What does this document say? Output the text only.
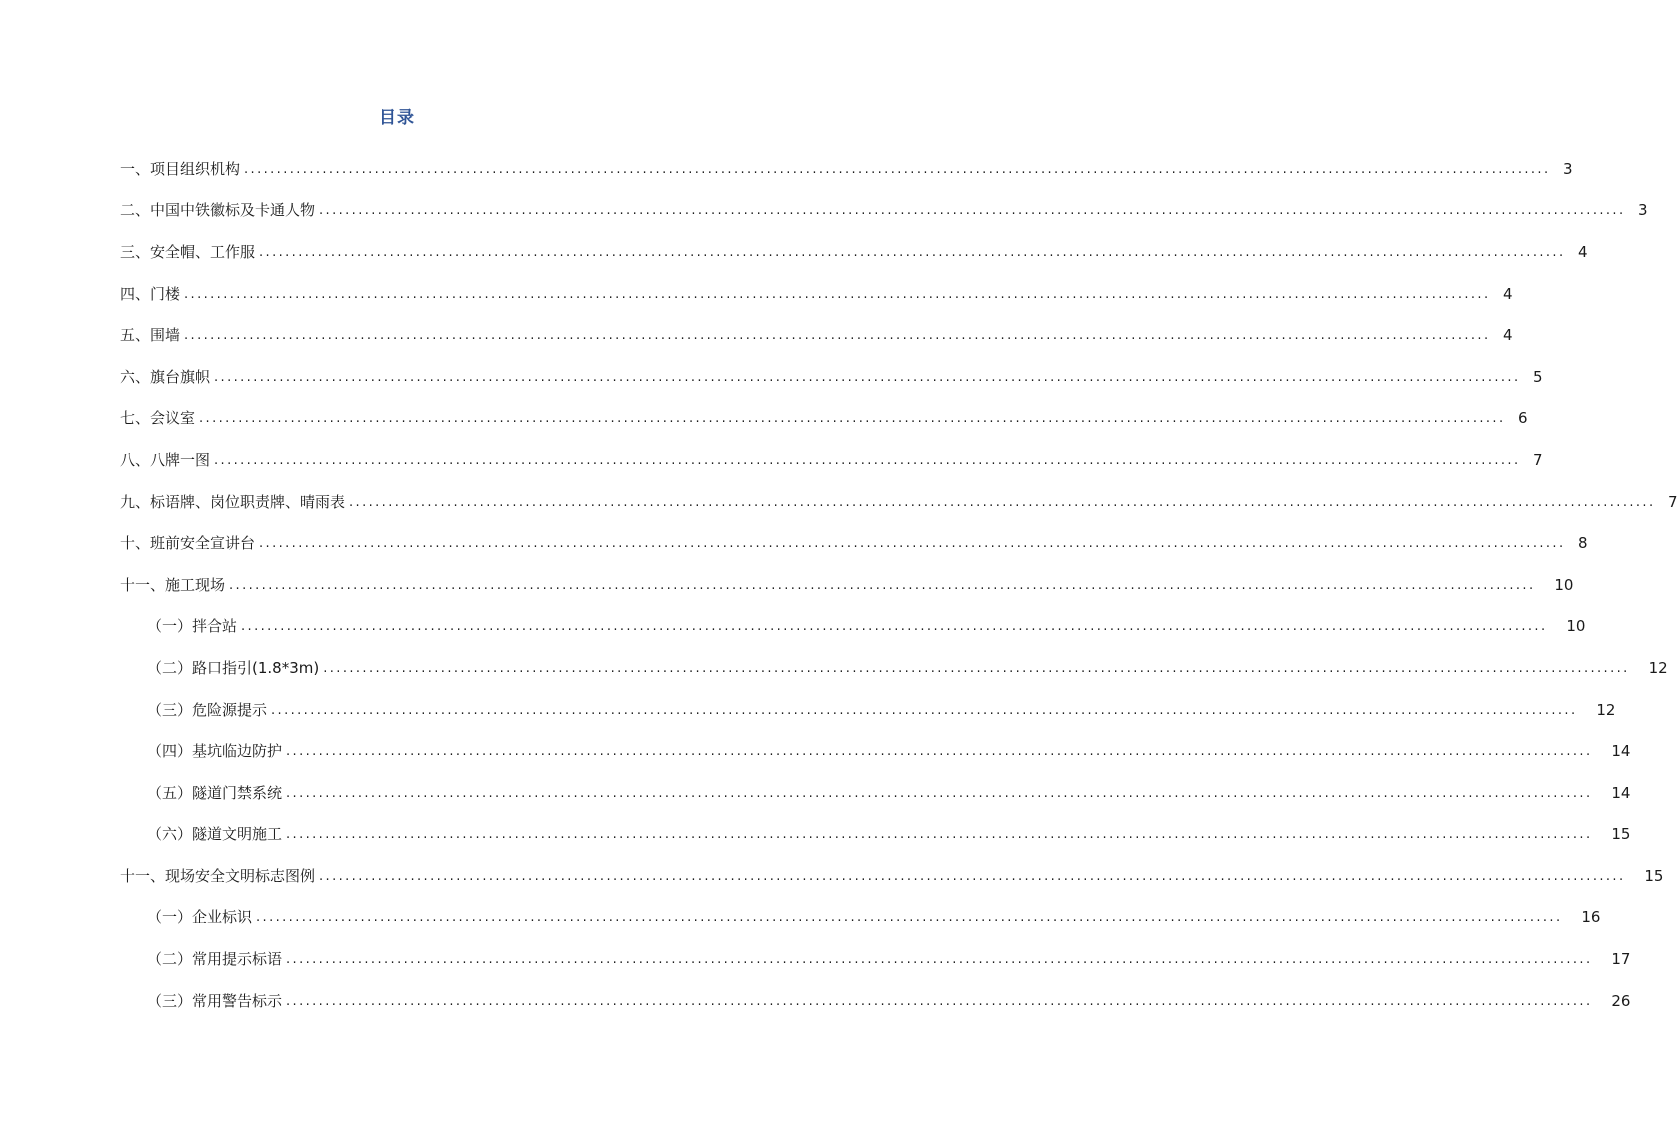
目录
一、项目组织机构 ........................................................................................................................................................................................................ 3
二、中国中铁徽标及卡通人物 ........................................................................................................................................................................................................ 3
三、安全帽、工作服 ........................................................................................................................................................................................................ 4
四、门楼 ........................................................................................................................................................................................................ 4
五、围墙 ........................................................................................................................................................................................................ 4
六、旗台旗帜 ........................................................................................................................................................................................................ 5
七、会议室 ........................................................................................................................................................................................................ 6
八、八牌一图 ........................................................................................................................................................................................................ 7
九、标语牌、岗位职责牌、晴雨表 ........................................................................................................................................................................................................ 7
十、班前安全宣讲台 ........................................................................................................................................................................................................ 8
十一、施工现场 ........................................................................................................................................................................................................	10
（一）拌合站 ........................................................................................................................................................................................................	10
（二）路口指引(1.8*3m) ........................................................................................................................................................................................................	12
（三）危险源提示 ........................................................................................................................................................................................................	12
（四）基坑临边防护 ........................................................................................................................................................................................................	14
（五）隧道门禁系统 ........................................................................................................................................................................................................	14
（六）隧道文明施工 ........................................................................................................................................................................................................	15
十一、现场安全文明标志图例 ........................................................................................................................................................................................................	15
（一）企业标识 ........................................................................................................................................................................................................	16
（二）常用提示标语 ........................................................................................................................................................................................................	17
（三）常用警告标示 ........................................................................................................................................................................................................	26
